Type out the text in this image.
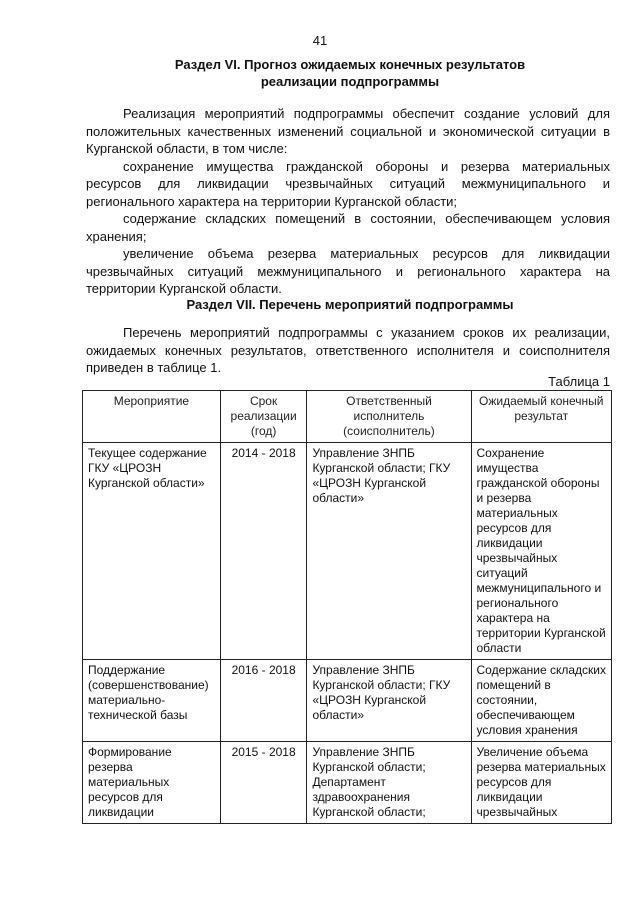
41
Раздел VI. Прогноз ожидаемых конечных результатов
реализации подпрограммы

Реализация мероприятий подпрограммы обеспечит создание условий для положительных качественных изменений социальной и экономической ситуации в Курганской области, в том числе:

сохранение имущества гражданской обороны и резерва материальных ресурсов для ликвидации чрезвычайных ситуаций межмуниципального и регионального характера на территории Курганской области;

содержание складских помещений в состоянии, обеспечивающем условия хранения;

увеличение объема резерва материальных ресурсов для ликвидации чрезвычайных ситуаций межмуниципального и регионального характера на территории Курганской области.

Раздел VII. Перечень мероприятий подпрограммы

Перечень мероприятий подпрограммы с указанием сроков их реализации, ожидаемых конечных результатов, ответственного исполнителя и соисполнителя приведен в таблице 1.

Таблица 1
Мероприятие	Срок реализации (год)	Ответственный исполнитель (соисполнитель)	Ожидаемый конечный результат
Текущее содержание ГКУ «ЦРОЗН Курганской области»	2014 - 2018	Управление ЗНПБ Курганской области; ГКУ «ЦРОЗН Курганской области»	Сохранение имущества гражданской обороны и резерва материальных ресурсов для ликвидации чрезвычайных ситуаций межмуниципального и регионального характера на территории Курганской области
Поддержание (совершенствование) материально-технической базы	2016 - 2018	Управление ЗНПБ Курганской области; ГКУ «ЦРОЗН Курганской области»	Содержание складских помещений в состоянии, обеспечивающем условия хранения
Формирование резерва материальных ресурсов для ликвидации	2015 - 2018	Управление ЗНПБ Курганской области; Департамент здравоохранения Курганской области;	Увеличение объема резерва материальных ресурсов для ликвидации чрезвычайных
